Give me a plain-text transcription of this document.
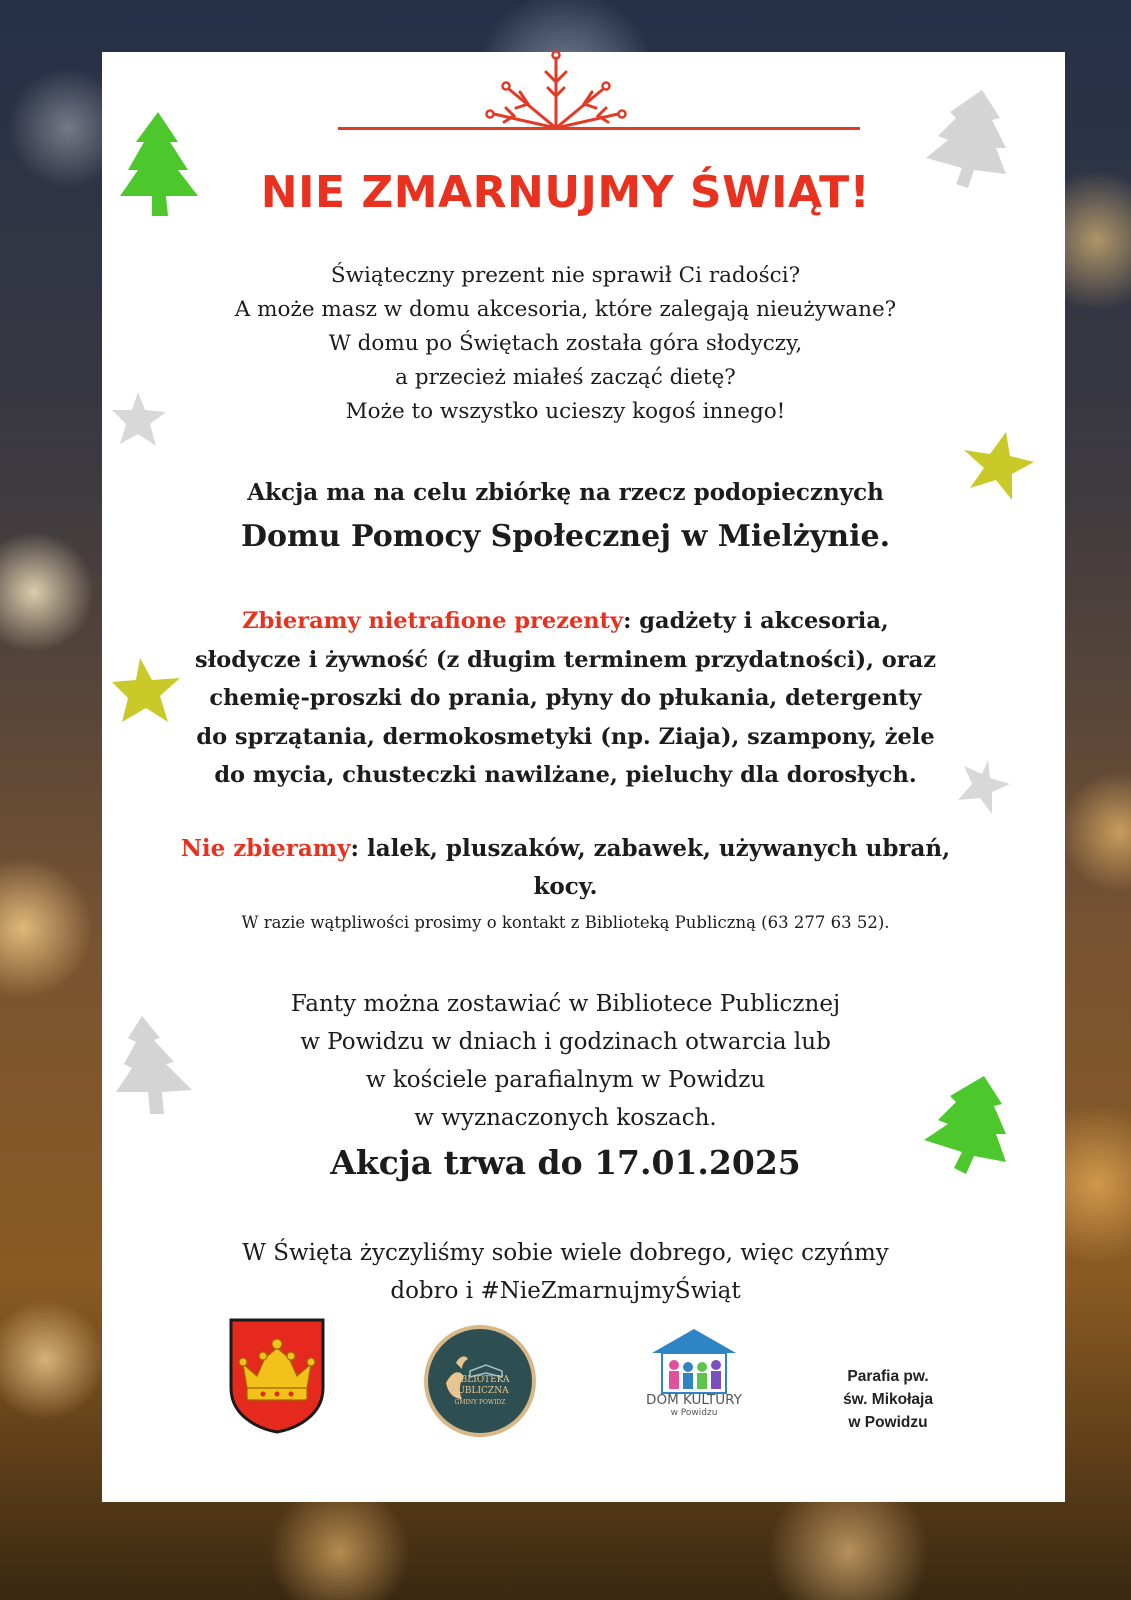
NIE ZMARNUJMY ŚWIĄT!
Świąteczny prezent nie sprawił Ci radości?
A może masz w domu akcesoria, które zalegają nieużywane?
W domu po Świętach została góra słodyczy,
a przecież miałeś zacząć dietę?
Może to wszystko ucieszy kogoś innego!
Akcja ma na celu zbiórkę na rzecz podopiecznych
Domu Pomocy Społecznej w Mielżynie.
Zbieramy nietrafione prezenty: gadżety i akcesoria,
słodycze i żywność (z długim terminem przydatności), oraz
chemię-proszki do prania, płyny do płukania, detergenty
do sprzątania, dermokosmetyki (np. Ziaja), szampony, żele
do mycia, chusteczki nawilżane, pieluchy dla dorosłych.
Nie zbieramy: lalek, pluszaków, zabawek, używanych ubrań,
kocy.
W razie wątpliwości prosimy o kontakt z Biblioteką Publiczną (63 277 63 52).
Fanty można zostawiać w Bibliotece Publicznej
w Powidzu w dniach i godzinach otwarcia lub
w kościele parafialnym w Powidzu
w wyznaczonych koszach.
Akcja trwa do 17.01.2025
W Święta życzyliśmy sobie wiele dobrego, więc czyńmy
dobro i #NieZmarnujmyŚwiąt
BIBLIOTEKA
PUBLICZNA
GMINY POWIDZ	DOM KULTURY
w Powidzu
Parafia pw.
św. Mikołaja
w Powidzu
